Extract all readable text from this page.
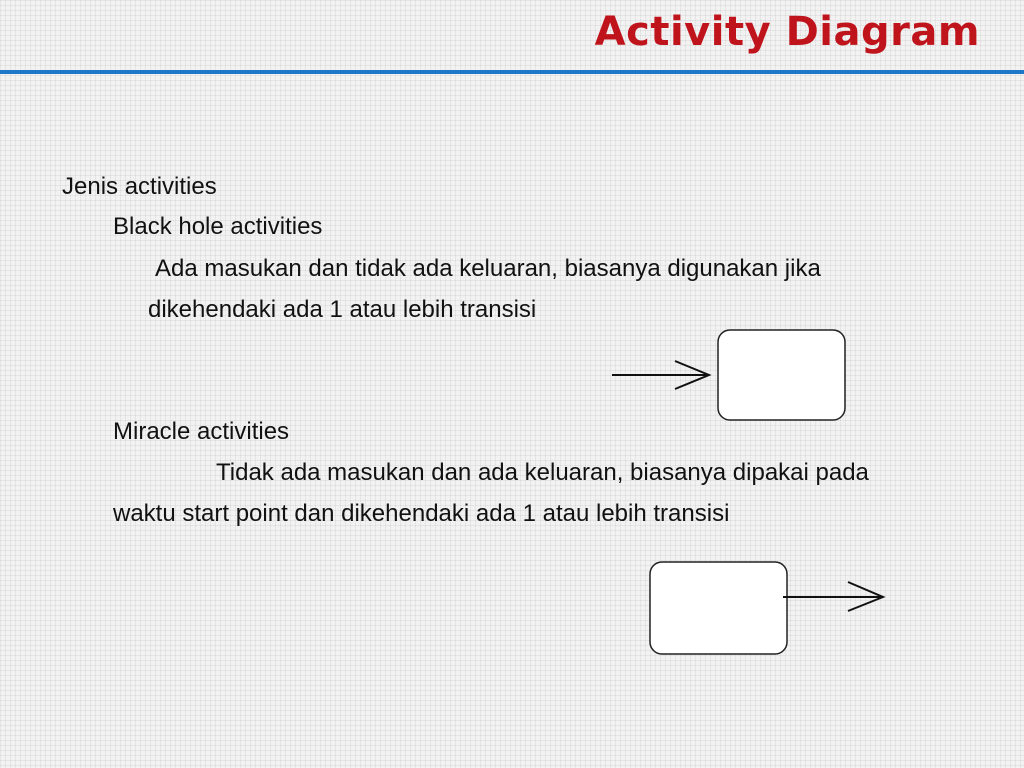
Activity Diagram
Jenis activities
Black hole activities
Ada masukan dan tidak ada keluaran, biasanya digunakan jika
dikehendaki ada 1 atau lebih transisi
Miracle activities
Tidak ada masukan dan ada keluaran, biasanya dipakai pada
waktu start point dan dikehendaki ada 1 atau lebih transisi
